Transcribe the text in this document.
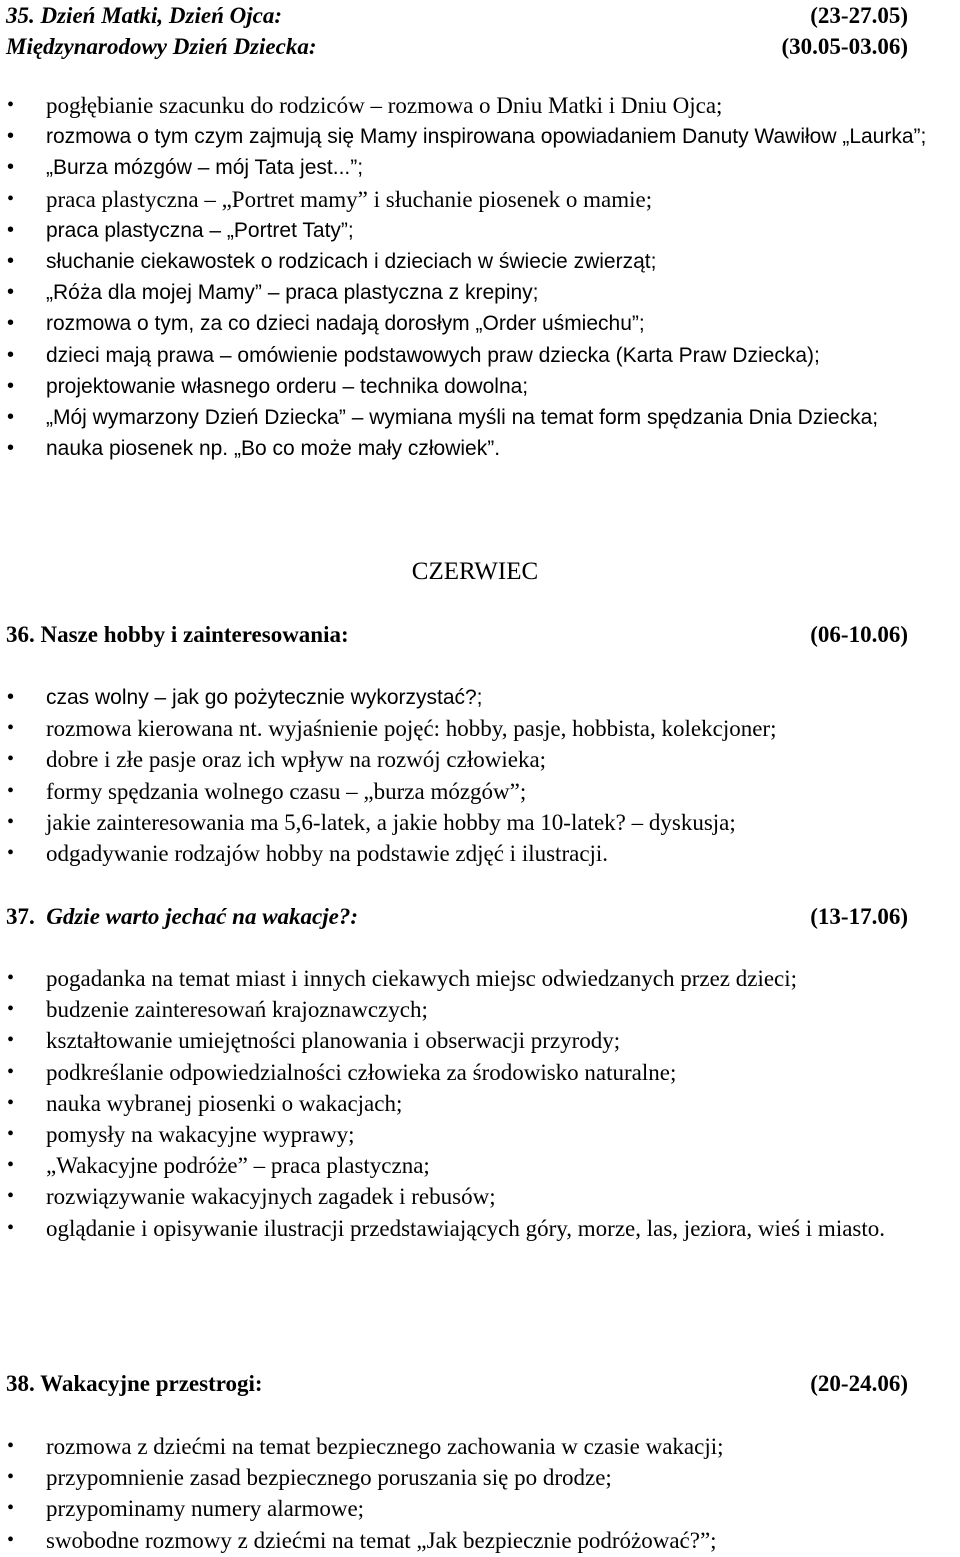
35. Dzień Matki, Dzień Ojca:	(23-27.05)
Międzynarodowy Dzień Dziecka:	(30.05-03.06)
• pogłębianie szacunku do rodziców – rozmowa o Dniu Matki i Dniu Ojca;
• rozmowa o tym czym zajmują się Mamy inspirowana opowiadaniem Danuty Wawiłow „Laurka”;
• „Burza mózgów – mój Tata jest...”;
• praca plastyczna – „Portret mamy” i słuchanie piosenek o mamie;
• praca plastyczna – „Portret Taty”;
• słuchanie ciekawostek o rodzicach i dzieciach w świecie zwierząt;
• „Róża dla mojej Mamy” – praca plastyczna z krepiny;
• rozmowa o tym, za co dzieci nadają dorosłym „Order uśmiechu”;
• dzieci mają prawa – omówienie podstawowych praw dziecka (Karta Praw Dziecka);
• projektowanie własnego orderu – technika dowolna;
• „Mój wymarzony Dzień Dziecka” – wymiana myśli na temat form spędzania Dnia Dziecka;
• nauka piosenek np. „Bo co może mały człowiek”.
CZERWIEC
36. Nasze hobby i zainteresowania:	(06-10.06)
• czas wolny – jak go pożytecznie wykorzystać?;
• rozmowa kierowana nt. wyjaśnienie pojęć: hobby, pasje, hobbista, kolekcjoner;
• dobre i złe pasje oraz ich wpływ na rozwój człowieka;
• formy spędzania wolnego czasu – „burza mózgów”;
• jakie zainteresowania ma 5,6-latek, a jakie hobby ma 10-latek? – dyskusja;
• odgadywanie rodzajów hobby na podstawie zdjęć i ilustracji.
37. Gdzie warto jechać na wakacje?:	(13-17.06)
• pogadanka na temat miast i innych ciekawych miejsc odwiedzanych przez dzieci;
• budzenie zainteresowań krajoznawczych;
• kształtowanie umiejętności planowania i obserwacji przyrody;
• podkreślanie odpowiedzialności człowieka za środowisko naturalne;
• nauka wybranej piosenki o wakacjach;
• pomysły na wakacyjne wyprawy;
• „Wakacyjne podróże” – praca plastyczna;
• rozwiązywanie wakacyjnych zagadek i rebusów;
• oglądanie i opisywanie ilustracji przedstawiających góry, morze, las, jeziora, wieś i miasto.
38. Wakacyjne przestrogi:	(20-24.06)
• rozmowa z dziećmi na temat bezpiecznego zachowania w czasie wakacji;
• przypomnienie zasad bezpiecznego poruszania się po drodze;
• przypominamy numery alarmowe;
• swobodne rozmowy z dziećmi na temat „Jak bezpiecznie podróżować?”;
